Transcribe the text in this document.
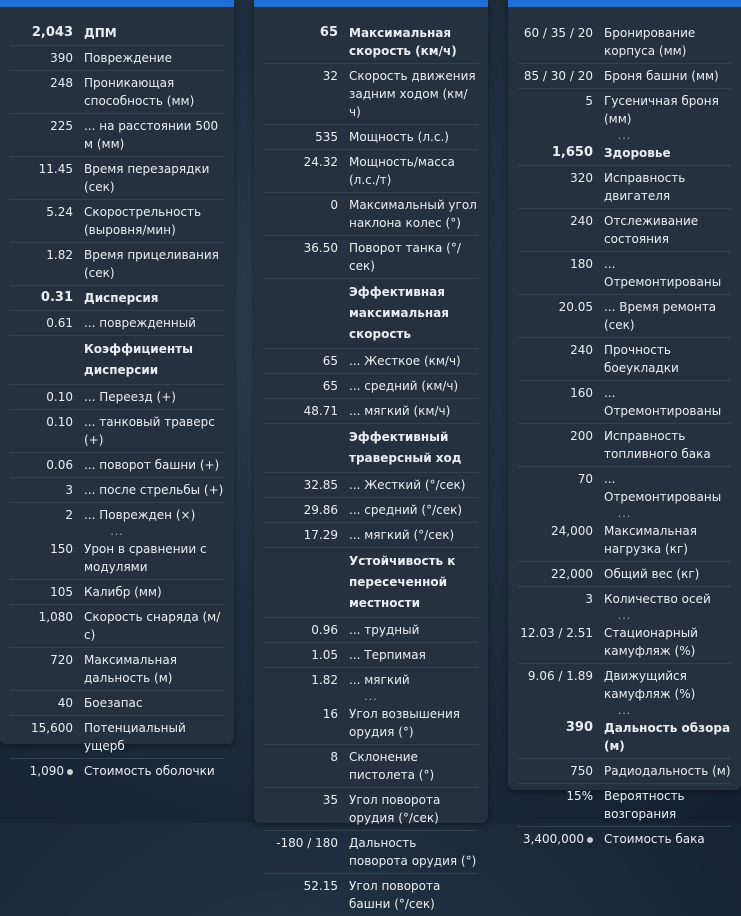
2,043 ДПМ
390 Повреждение
248 Проникающая способность (мм)
225 ... на расстоянии 500 м (мм)
11.45 Время перезарядки (сек)
5.24 Скорострельность (выровня/мин)
1.82 Время прицеливания (сек)
0.31 Дисперсия
0.61 ... поврежденный
Коэффициенты дисперсии
0.10 ... Переезд (+)
0.10 ... танковый траверс (+)
0.06 ... поворот башни (+)
3 ... после стрельбы (+)
2 ... Поврежден (×)
...
150 Урон в сравнении с модулями
105 Калибр (мм)
1,080 Скорость снаряда (м/с)
720 Максимальная дальность (м)
40 Боезапас
15,600 Потенциальный ущерб
1,090	Стоимость оболочки
65 Максимальная скорость (км/ч)
32 Скорость движения задним ходом (км/ч)
535 Мощность (л.с.)
24.32 Мощность/масса (л.с./т)
0 Максимальный угол наклона колес (°)
36.50 Поворот танка (°/сек)
Эффективная максимальная скорость
65 ... Жесткое (км/ч)
65 ... средний (км/ч)
48.71 ... мягкий (км/ч)
Эффективный траверсный ход
32.85 ... Жесткий (°/сек)
29.86 ... средний (°/сек)
17.29 ... мягкий (°/сек)
Устойчивость к пересеченной местности
0.96 ... трудный
1.05 ... Терпимая
1.82 ... мягкий
...
16 Угол возвышения орудия (°)
8 Склонение пистолета (°)
35 Угол поворота орудия (°/сек)
-180 / 180 Дальность поворота орудия (°)
52.15 Угол поворота башни (°/сек)
60 / 35 / 20 Бронирование корпуса (мм)
85 / 30 / 20 Броня башни (мм)
5 Гусеничная броня (мм)
...
1,650 Здоровье
320 Исправность двигателя
240 Отслеживание состояния
180 ... Отремонтированы
20.05 ... Время ремонта (сек)
240 Прочность боеукладки
160 ... Отремонтированы
200 Исправность топливного бака
70 ... Отремонтированы
...
24,000 Максимальная нагрузка (кг)
22,000 Общий вес (кг)
3 Количество осей
...
12.03 / 2.51 Стационарный камуфляж (%)
9.06 / 1.89 Движущийся камуфляж (%)
...
390 Дальность обзора (м)
750 Радиодальность (м)
15% Вероятность возгорания
3,400,000	Стоимость бака
